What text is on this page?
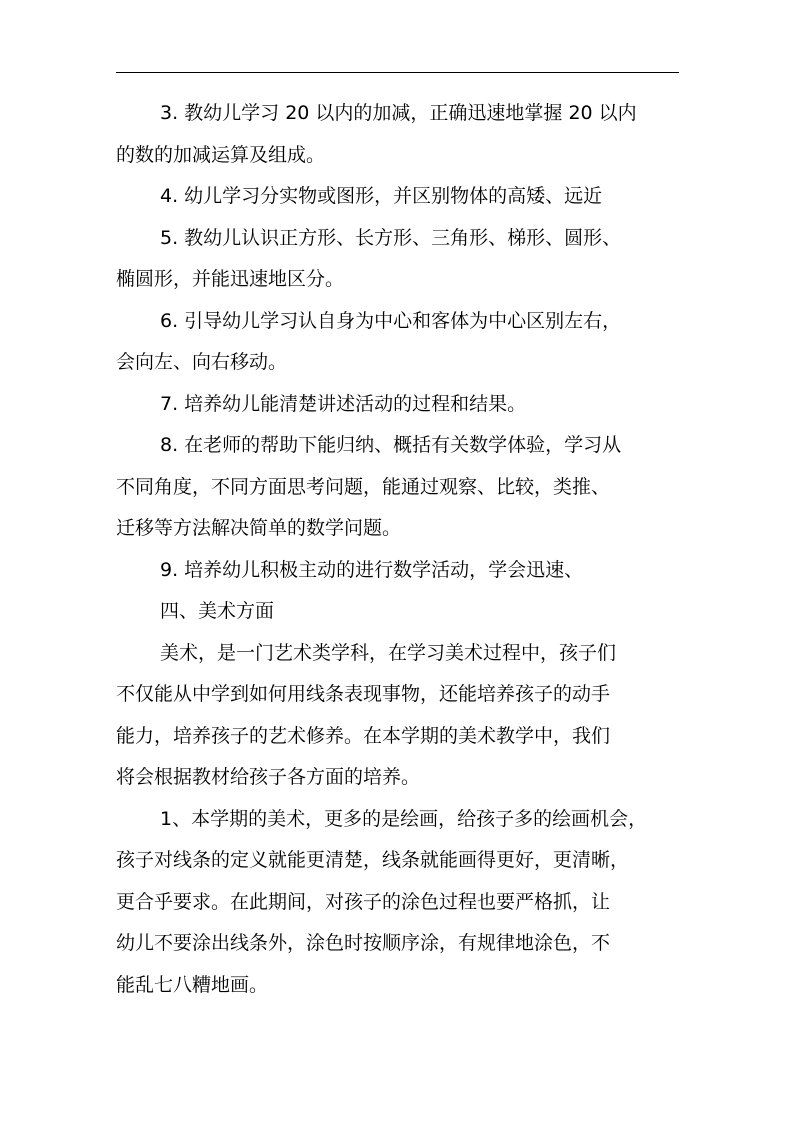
3. 教幼儿学习 20 以内的加减，正确迅速地掌握 20 以内
的数的加减运算及组成。
4. 幼儿学习分实物或图形，并区别物体的高矮、远近
5. 教幼儿认识正方形、长方形、三角形、梯形、圆形、
椭圆形，并能迅速地区分。
6. 引导幼儿学习认自身为中心和客体为中心区别左右，
会向左、向右移动。
7. 培养幼儿能清楚讲述活动的过程和结果。
8. 在老师的帮助下能归纳、概括有关数学体验，学习从
不同角度，不同方面思考问题，能通过观察、比较，类推、
迁移等方法解决简单的数学问题。
9. 培养幼儿积极主动的进行数学活动，学会迅速、
四、美术方面
美术，是一门艺术类学科，在学习美术过程中，孩子们
不仅能从中学到如何用线条表现事物，还能培养孩子的动手
能力，培养孩子的艺术修养。在本学期的美术教学中，我们
将会根据教材给孩子各方面的培养。
1、本学期的美术，更多的是绘画，给孩子多的绘画机会，
孩子对线条的定义就能更清楚，线条就能画得更好，更清晰，
更合乎要求。在此期间，对孩子的涂色过程也要严格抓，让
幼儿不要涂出线条外，涂色时按顺序涂，有规律地涂色，不
能乱七八糟地画。
